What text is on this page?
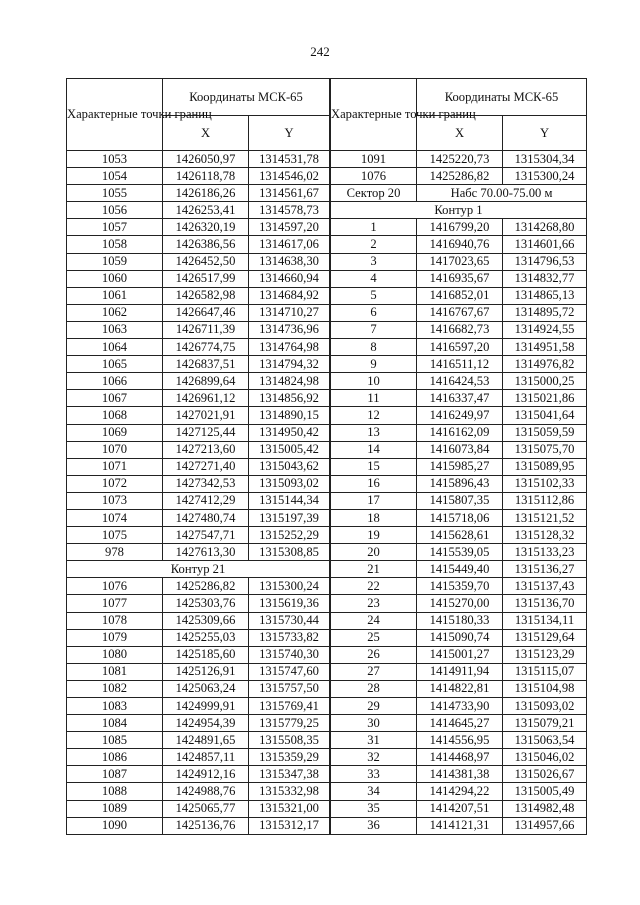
242
Характерные точки границ	Координаты МСК-65	
	X	Y
1053	1426050,97	1314531,78
1054	1426118,78	1314546,02
1055	1426186,26	1314561,67
1056	1426253,41	1314578,73
1057	1426320,19	1314597,20
1058	1426386,56	1314617,06
1059	1426452,50	1314638,30
1060	1426517,99	1314660,94
1061	1426582,98	1314684,92
1062	1426647,46	1314710,27
1063	1426711,39	1314736,96
1064	1426774,75	1314764,98
1065	1426837,51	1314794,32
1066	1426899,64	1314824,98
1067	1426961,12	1314856,92
1068	1427021,91	1314890,15
1069	1427125,44	1314950,42
1070	1427213,60	1315005,42
1071	1427271,40	1315043,62
1072	1427342,53	1315093,02
1073	1427412,29	1315144,34
1074	1427480,74	1315197,39
1075	1427547,71	1315252,29
978	1427613,30	1315308,85
Контур 21		
1076	1425286,82	1315300,24
1077	1425303,76	1315619,36
1078	1425309,66	1315730,44
1079	1425255,03	1315733,82
1080	1425185,60	1315740,30
1081	1425126,91	1315747,60
1082	1425063,24	1315757,50
1083	1424999,91	1315769,41
1084	1424954,39	1315779,25
1085	1424891,65	1315508,35
1086	1424857,11	1315359,29
1087	1424912,16	1315347,38
1088	1424988,76	1315332,98
1089	1425065,77	1315321,00
1090	1425136,76	1315312,17
Характерные точки границ	Координаты МСК-65	
	X	Y
1091	1425220,73	1315304,34
1076	1425286,82	1315300,24
Сектор 20	Набс 70.00-75.00 м	
Контур 1		
1	1416799,20	1314268,80
2	1416940,76	1314601,66
3	1417023,65	1314796,53
4	1416935,67	1314832,77
5	1416852,01	1314865,13
6	1416767,67	1314895,72
7	1416682,73	1314924,55
8	1416597,20	1314951,58
9	1416511,12	1314976,82
10	1416424,53	1315000,25
11	1416337,47	1315021,86
12	1416249,97	1315041,64
13	1416162,09	1315059,59
14	1416073,84	1315075,70
15	1415985,27	1315089,95
16	1415896,43	1315102,33
17	1415807,35	1315112,86
18	1415718,06	1315121,52
19	1415628,61	1315128,32
20	1415539,05	1315133,23
21	1415449,40	1315136,27
22	1415359,70	1315137,43
23	1415270,00	1315136,70
24	1415180,33	1315134,11
25	1415090,74	1315129,64
26	1415001,27	1315123,29
27	1414911,94	1315115,07
28	1414822,81	1315104,98
29	1414733,90	1315093,02
30	1414645,27	1315079,21
31	1414556,95	1315063,54
32	1414468,97	1315046,02
33	1414381,38	1315026,67
34	1414294,22	1315005,49
35	1414207,51	1314982,48
36	1414121,31	1314957,66
